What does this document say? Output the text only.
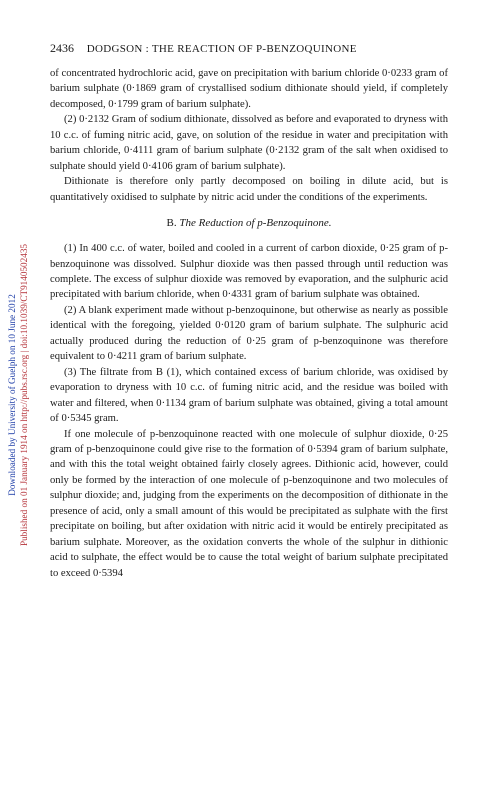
2436 DODGSON : THE REACTION OF P-BENZOQUINONE
Downloaded by University of Guelph on 10 June 2012 Published on 01 January 1914 on http://pubs.rsc.org | doi:10.1039/CT9140502435

of concentrated hydrochloric acid, gave on precipitation with barium chloride 0·0233 gram of barium sulphate (0·1869 gram of crystallised sodium dithionate should yield, if completely decomposed, 0·1799 gram of barium sulphate).

(2) 0·2132 Gram of sodium dithionate, dissolved as before and evaporated to dryness with 10 c.c. of fuming nitric acid, gave, on solution of the residue in water and precipitation with barium chloride, 0·4111 gram of barium sulphate (0·2132 gram of the salt when oxidised to sulphate should yield 0·4106 gram of barium sulphate).

Dithionate is therefore only partly decomposed on boiling in dilute acid, but is quantitatively oxidised to sulphate by nitric acid under the conditions of the experiments.

B. The Reduction of p-Benzoquinone.

(1) In 400 c.c. of water, boiled and cooled in a current of carbon dioxide, 0·25 gram of p-benzoquinone was dissolved. Sulphur dioxide was then passed through until reduction was complete. The excess of sulphur dioxide was removed by evaporation, and the sulphuric acid precipitated with barium chloride, when 0·4331 gram of barium sulphate was obtained.

(2) A blank experiment made without p-benzoquinone, but otherwise as nearly as possible identical with the foregoing, yielded 0·0120 gram of barium sulphate. The sulphuric acid actually produced during the reduction of 0·25 gram of p-benzoquinone was therefore equivalent to 0·4211 gram of barium sulphate.

(3) The filtrate from B (1), which contained excess of barium chloride, was oxidised by evaporation to dryness with 10 c.c. of fuming nitric acid, and the residue was boiled with water and filtered, when 0·1134 gram of barium sulphate was obtained, giving a total amount of 0·5345 gram.

If one molecule of p-benzoquinone reacted with one molecule of sulphur dioxide, 0·25 gram of p-benzoquinone could give rise to the formation of 0·5394 gram of barium sulphate, and with this the total weight obtained fairly closely agrees. Dithionic acid, however, could only be formed by the interaction of one molecule of p-benzoquinone and two molecules of sulphur dioxide; and, judging from the experiments on the decomposition of dithionate in the presence of acid, only a small amount of this would be precipitated as sulphate with the first precipitate on boiling, but after oxidation with nitric acid it would be entirely precipitated as barium sulphate. Moreover, as the oxidation converts the whole of the sulphur in dithionic acid to sulphate, the effect would be to cause the total weight of barium sulphate precipitated to exceed 0·5394
